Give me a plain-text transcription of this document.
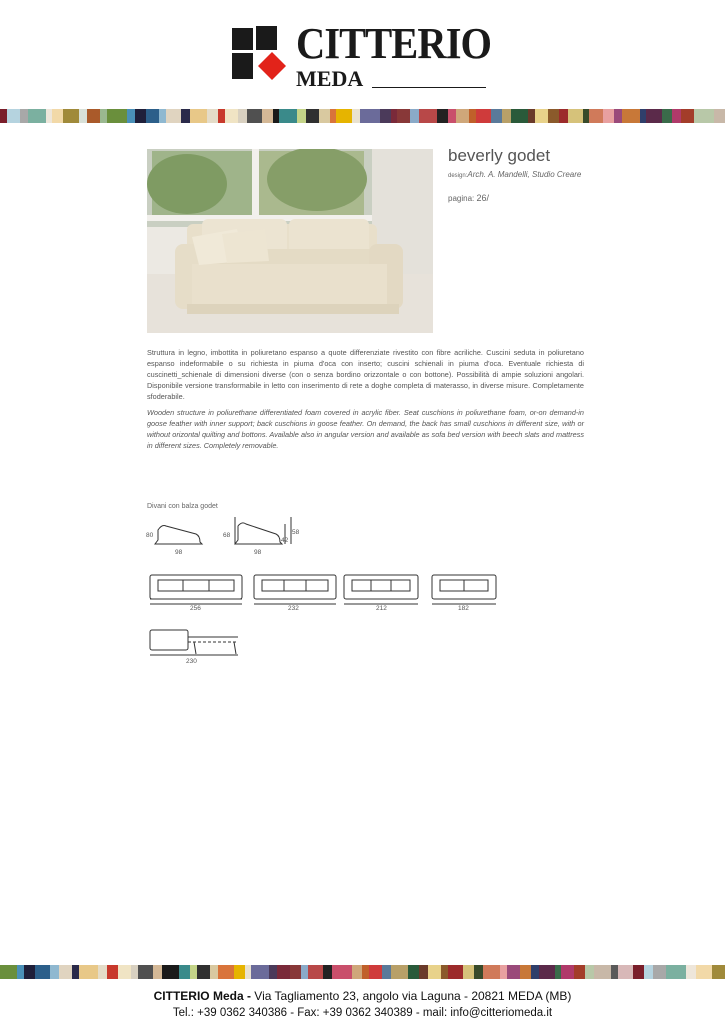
CITTERIO
MEDA
beverly godet
design:Arch. A. Mandelli, Studio Creare
pagina: 26/
Struttura in legno, imbottita in poliuretano espanso a quote differenziate rivestito con fibre acriliche. Cuscini seduta in poliuretano espanso indeformabile o su richiesta in piuma d'oca con inserto; cuscini schienali in piuma d'oca. Eventuale richiesta di cuscinetti_schienale di dimensioni diverse (con o senza bordino orizzontale o con bottone). Possibilità di ampie soluzioni angolari. Disponibile versione transformabile in letto con inserimento di rete a doghe completa di materasso, in diverse misure. Completamente sfoderabile.
Wooden structure in poliurethane differentiated foam covered in acrylic fiber. Seat cuschions in poliurethane foam, or-on demand-in goose feather with inner support; back cuschions in goose feather. On demand, the back has small cuschions in different size, with or without orizontal quilting and bottons. Available also in angular version and available as sofa bed version with beech slats and mattress in different sizes. Completely removable.
Divani con balza godet
80
98
68
42
58
98
256	232	212	182
230
CITTERIO Meda - Via Tagliamento 23, angolo via Laguna - 20821 MEDA (MB)
Tel.: +39 0362 340386 - Fax: +39 0362 340389 - mail: info@citteriomeda.it
